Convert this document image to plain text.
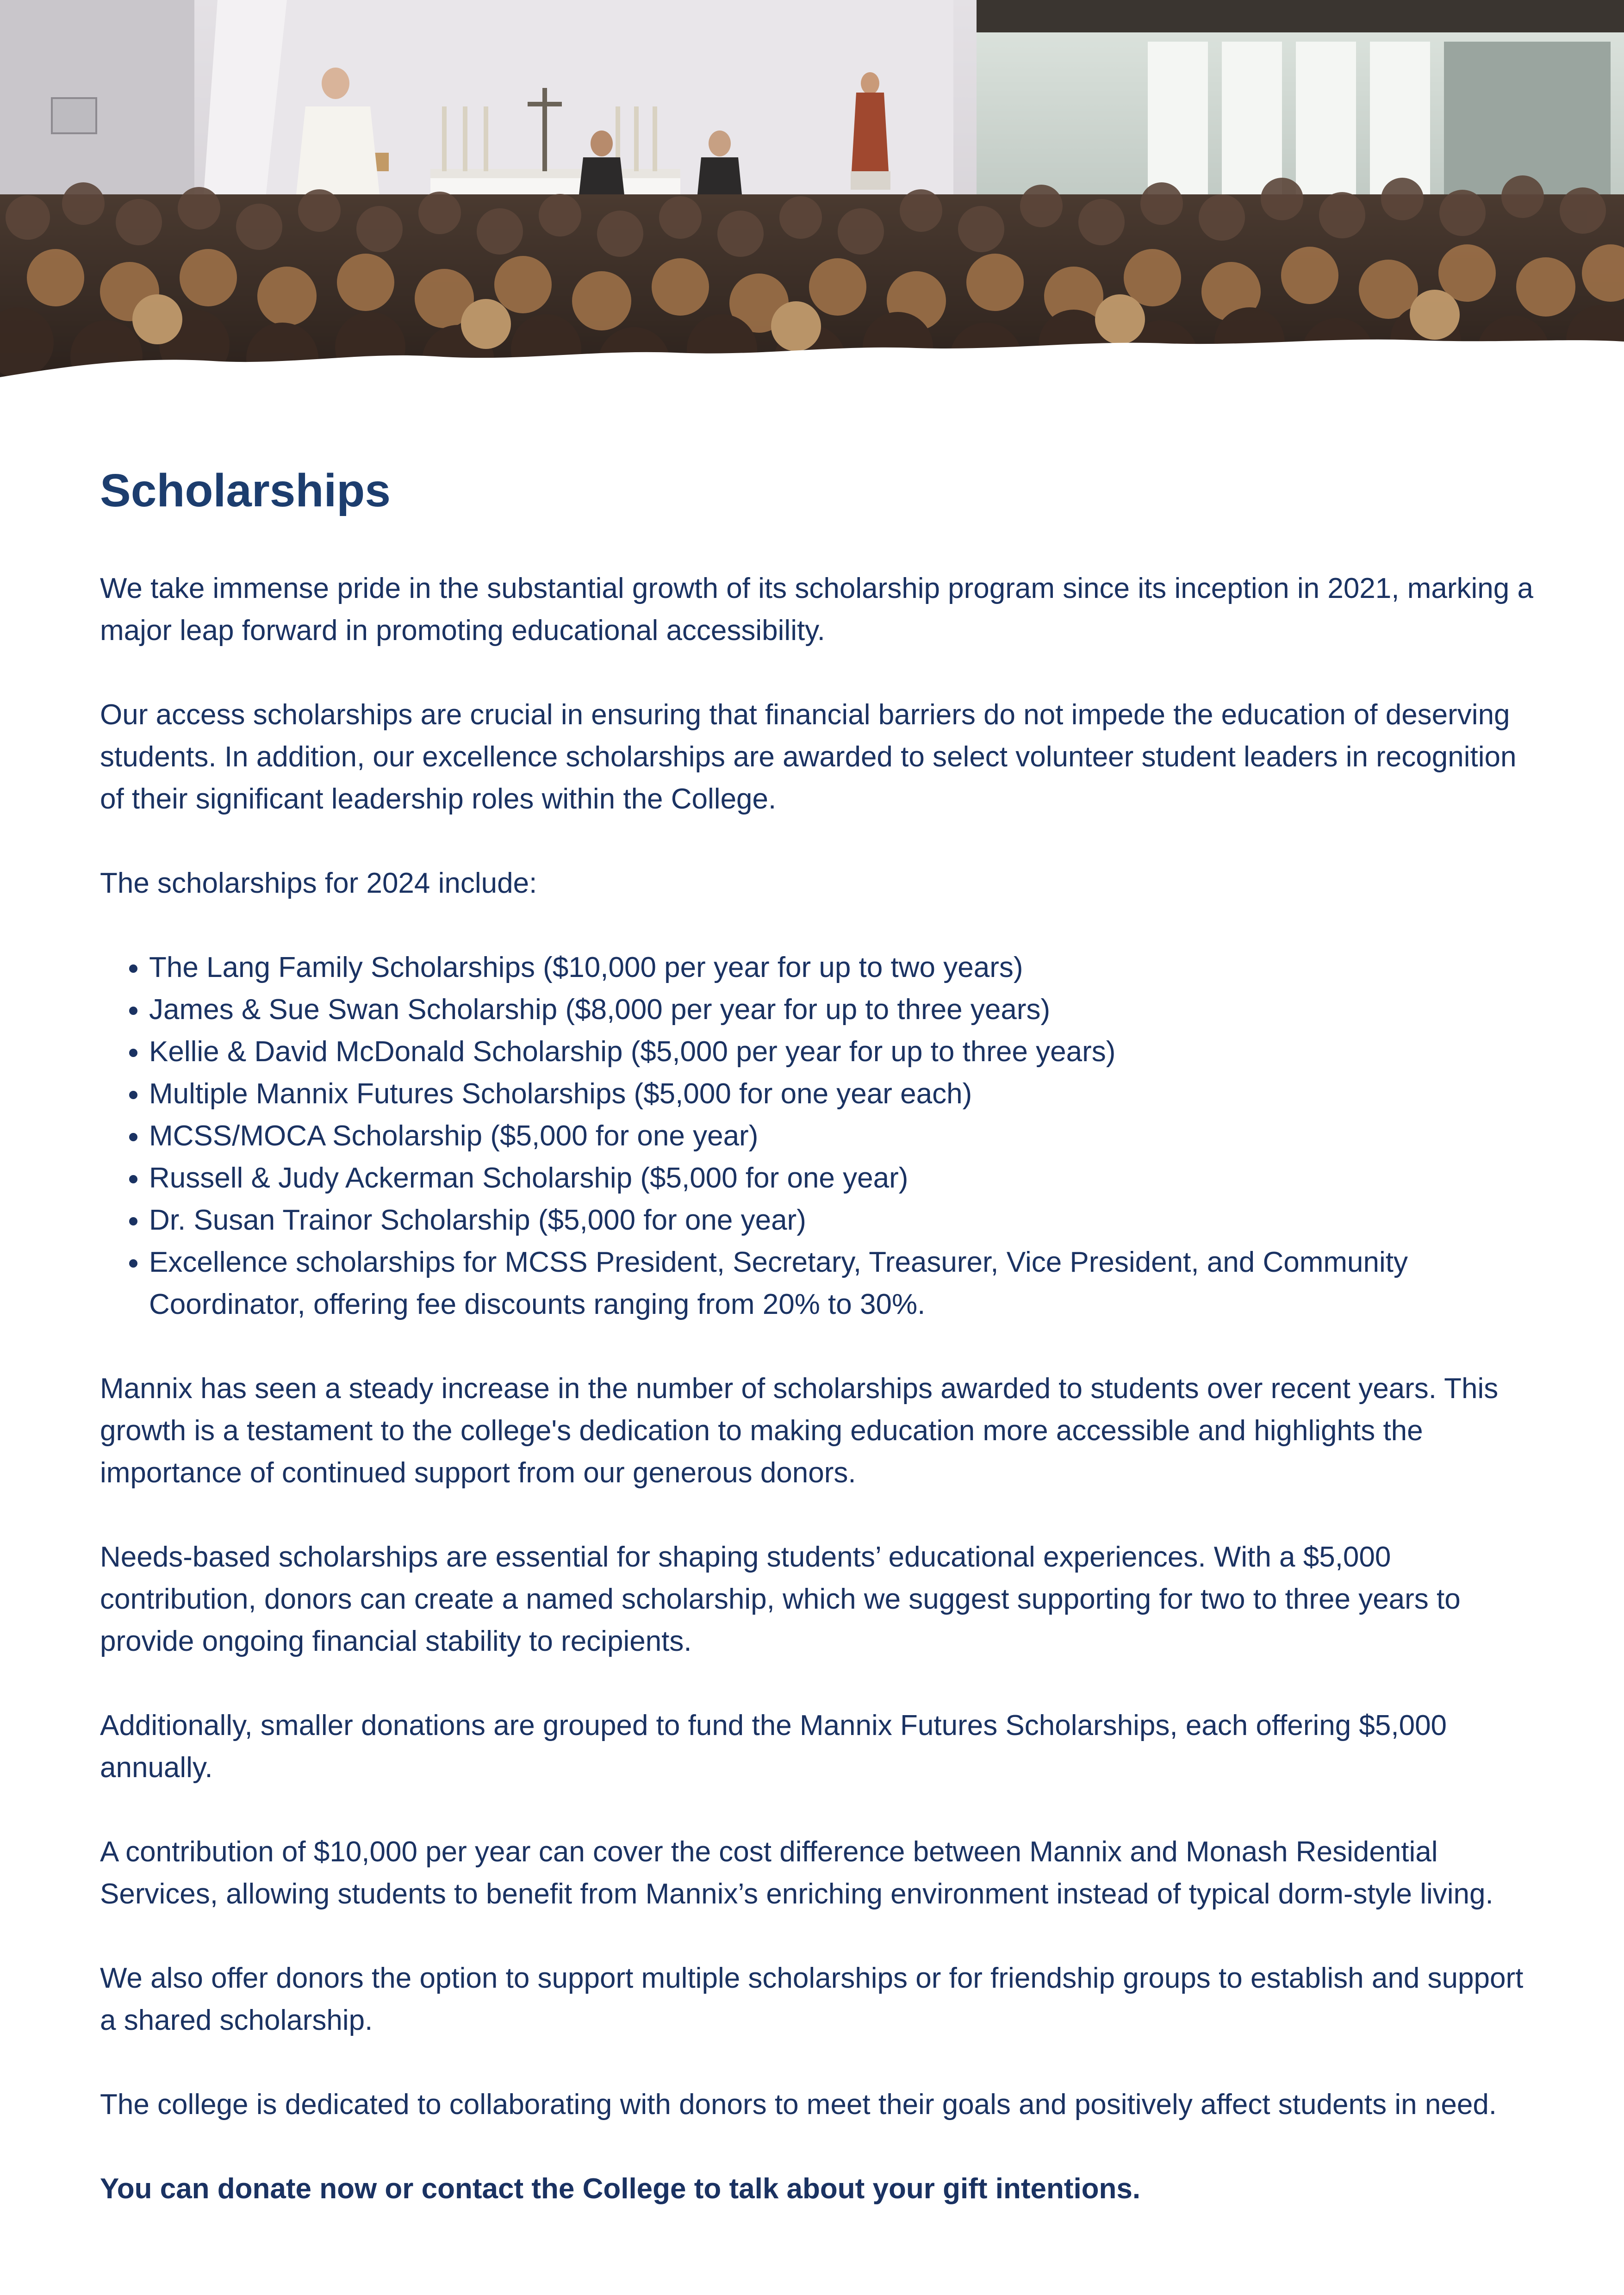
Scholarships

We take immense pride in the substantial growth of its scholarship program since its inception in 2021, marking a major leap forward in promoting educational accessibility.

Our access scholarships are crucial in ensuring that financial barriers do not impede the education of deserving students. In addition, our excellence scholarships are awarded to select volunteer student leaders in recognition of their significant leadership roles within the College.

The scholarships for 2024 include:

• The Lang Family Scholarships ($10,000 per year for up to two years)
• James & Sue Swan Scholarship ($8,000 per year for up to three years)
• Kellie & David McDonald Scholarship ($5,000 per year for up to three years)
• Multiple Mannix Futures Scholarships ($5,000 for one year each)
• MCSS/MOCA Scholarship ($5,000 for one year)
• Russell & Judy Ackerman Scholarship ($5,000 for one year)
• Dr. Susan Trainor Scholarship ($5,000 for one year)
• Excellence scholarships for MCSS President, Secretary, Treasurer, Vice President, and Community Coordinator, offering fee discounts ranging from 20% to 30%.

Mannix has seen a steady increase in the number of scholarships awarded to students over recent years. This growth is a testament to the college's dedication to making education more accessible and highlights the importance of continued support from our generous donors.

Needs-based scholarships are essential for shaping students’ educational experiences. With a $5,000 contribution, donors can create a named scholarship, which we suggest supporting for two to three years to provide ongoing financial stability to recipients.

Additionally, smaller donations are grouped to fund the Mannix Futures Scholarships, each offering $5,000 annually.

A contribution of $10,000 per year can cover the cost difference between Mannix and Monash Residential Services, allowing students to benefit from Mannix’s enriching environment instead of typical dorm-style living.

We also offer donors the option to support multiple scholarships or for friendship groups to establish and support a shared scholarship.

The college is dedicated to collaborating with donors to meet their goals and positively affect students in need.

You can donate now or contact the College to talk about your gift intentions.
